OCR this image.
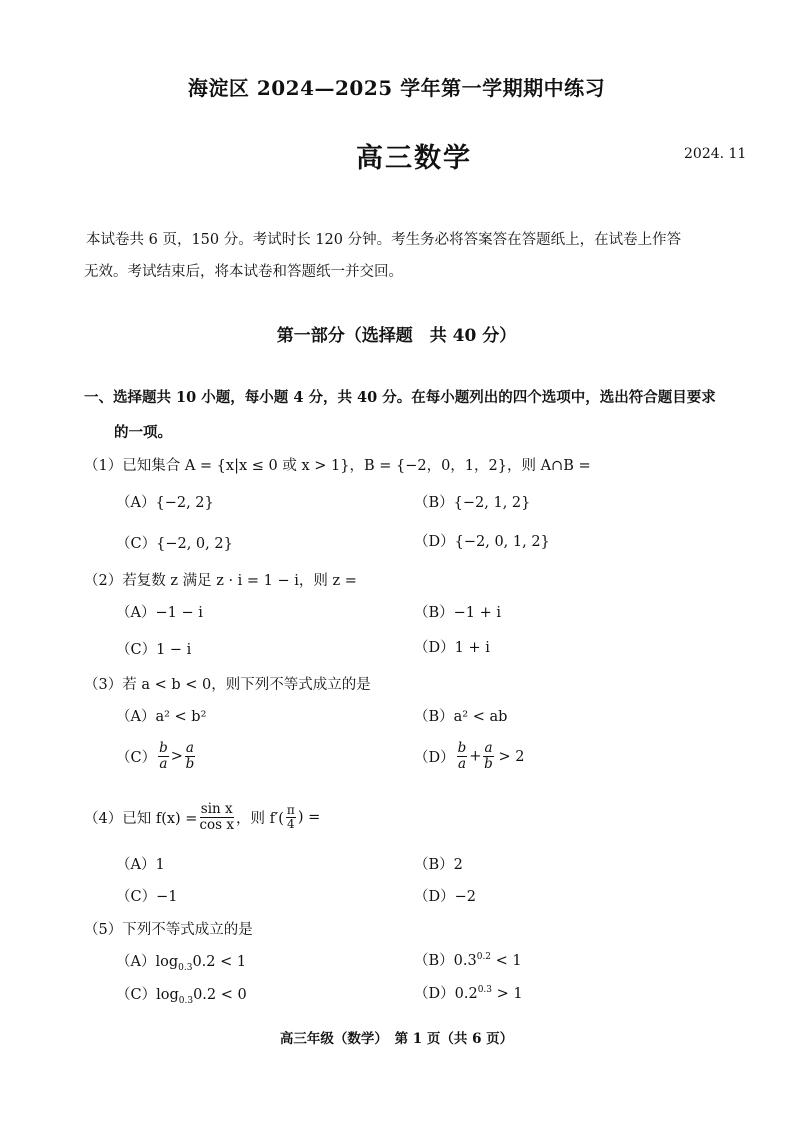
海淀区 2024—2025 学年第一学期期中练习
高三数学	2024. 11
本试卷共 6 页，150 分。考试时长 120 分钟。考生务必将答案答在答题纸上，在试卷上作答
无效。考试结束后，将本试卷和答题纸一并交回。
第一部分（选择题　共 40 分）
一、选择题共 10 小题，每小题 4 分，共 40 分。在每小题列出的四个选项中，选出符合题目要求
的一项。
（1）已知集合 A = {x|x ≤ 0 或 x > 1}，B = {−2，0，1，2}，则 A∩B =
（A）{−2, 2}	（B）{−2, 1, 2}
（C）{−2, 0, 2}	（D）{−2, 0, 1, 2}
（2）若复数 z 满足 z · i = 1 − i，则 z =
（A）−1 − i	（B）−1 + i
（C）1 − i	（D）1 + i
（3）若 a < b < 0，则下列不等式成立的是
（A）a² < b²	（B）a² < ab
$(C) \frac{b}{a} > \frac{a}{b}$	$(D) \frac{b}{a} + \frac{a}{b} > 2$
（4）已知 $f(x) = \frac{\text{sin x}}{\text{cos x}}$ ，则 $f'( \frac{\pi}{4}$ ) =
（A）1	（B）2
（C）−1	（D）−2
（5）下列不等式成立的是
$(A)\log_{0.3}0.2 < 1$	$(B)0.3^{0.2} < 1$
$(C)\log_{0.3}0.2 < 0$	$(D)0.2^{0.3} > 1$
高三年级（数学）　第 1 页（共 6 页）
